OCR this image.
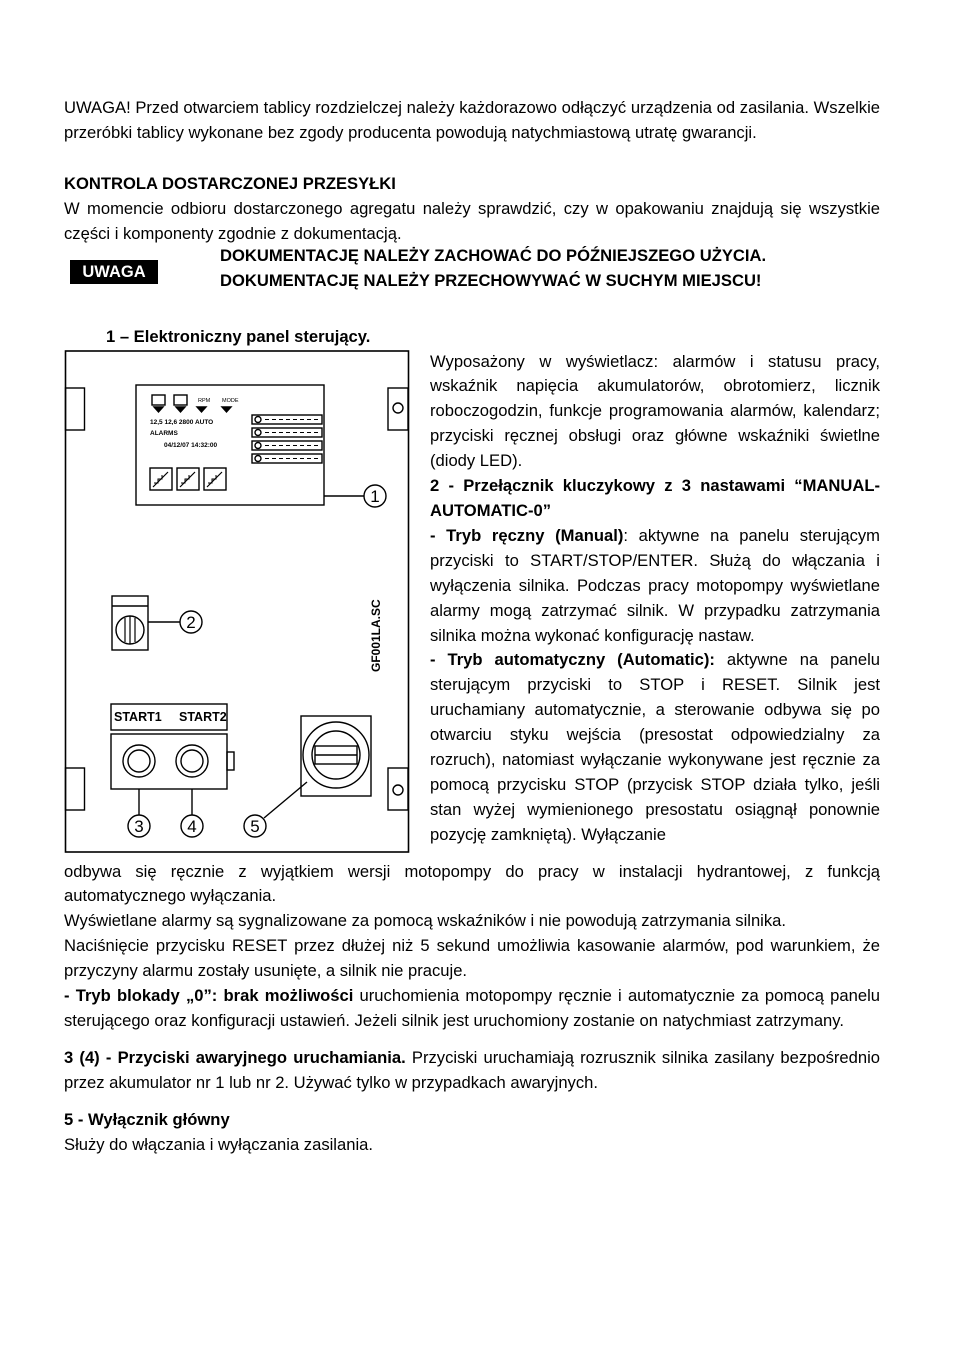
UWAGA! Przed otwarciem tablicy rozdzielczej należy każdorazowo odłączyć urządzenia od zasilania. Wszelkie przeróbki tablicy wykonane bez zgody producenta powodują natychmiastową utratę gwarancji.

KONTROLA DOSTARCZONEJ PRZESYŁKI

W momencie odbioru dostarczonego agregatu należy sprawdzić, czy w opakowaniu znajdują się wszystkie części i komponenty zgodnie z dokumentacją.

UWAGA
DOKUMENTACJĘ NALEŻY ZACHOWAĆ DO PÓŹNIEJSZEGO UŻYCIA.
DOKUMENTACJĘ NALEŻY PRZECHOWYWAĆ W SUCHYM MIEJSCU!
1 – Elektroniczny panel sterujący.
RPM MODE
12,5 12,6 2800 AUTO
ALARMS
04/12/07 14:32:00
START1 START2
GF001LA.SC
1
2
3	4	5

Wyposażony w wyświetlacz: alarmów i statusu pracy, wskaźnik napięcia akumulatorów, obrotomierz, licznik roboczogodzin, funkcje programowania alarmów, kalendarz; przyciski ręcznej obsługi oraz główne wskaźniki świetlne (diody LED).

2 - Przełącznik kluczykowy z 3 nastawami “MANUAL-AUTOMATIC-0”

- Tryb ręczny (Manual): aktywne na panelu sterującym przyciski to START/STOP/ENTER. Służą do włączania i wyłączenia silnika. Podczas pracy motopompy wyświetlane alarmy mogą zatrzymać silnik. W przypadku zatrzymania silnika można wykonać konfigurację nastaw.

- Tryb automatyczny (Automatic): aktywne na panelu sterującym przyciski to STOP i RESET. Silnik jest uruchamiany automatycznie, a sterowanie odbywa się po otwarciu styku wejścia (presostat odpowiedzialny za rozruch), natomiast wyłączanie wykonywane jest ręcznie za pomocą przycisku STOP (przycisk STOP działa tylko, jeśli stan wyżej wymienionego presostatu osiągnął ponownie pozycję zamkniętą). Wyłączanie

odbywa się ręcznie z wyjątkiem wersji motopompy do pracy w instalacji hydrantowej, z funkcją automatycznego wyłączania.

Wyświetlane alarmy są sygnalizowane za pomocą wskaźników i nie powodują zatrzymania silnika.

Naciśnięcie przycisku RESET przez dłużej niż 5 sekund umożliwia kasowanie alarmów, pod warunkiem, że przyczyny alarmu zostały usunięte, a silnik nie pracuje.

- Tryb blokady „0”: brak możliwości uruchomienia motopompy ręcznie i automatycznie za pomocą panelu sterującego oraz konfiguracji ustawień. Jeżeli silnik jest uruchomiony zostanie on natychmiast zatrzymany.

3 (4) - Przyciski awaryjnego uruchamiania. Przyciski uruchamiają rozrusznik silnika zasilany bezpośrednio przez akumulator nr 1 lub nr 2. Używać tylko w przypadkach awaryjnych.

5 - Wyłącznik główny

Służy do włączania i wyłączania zasilania.
